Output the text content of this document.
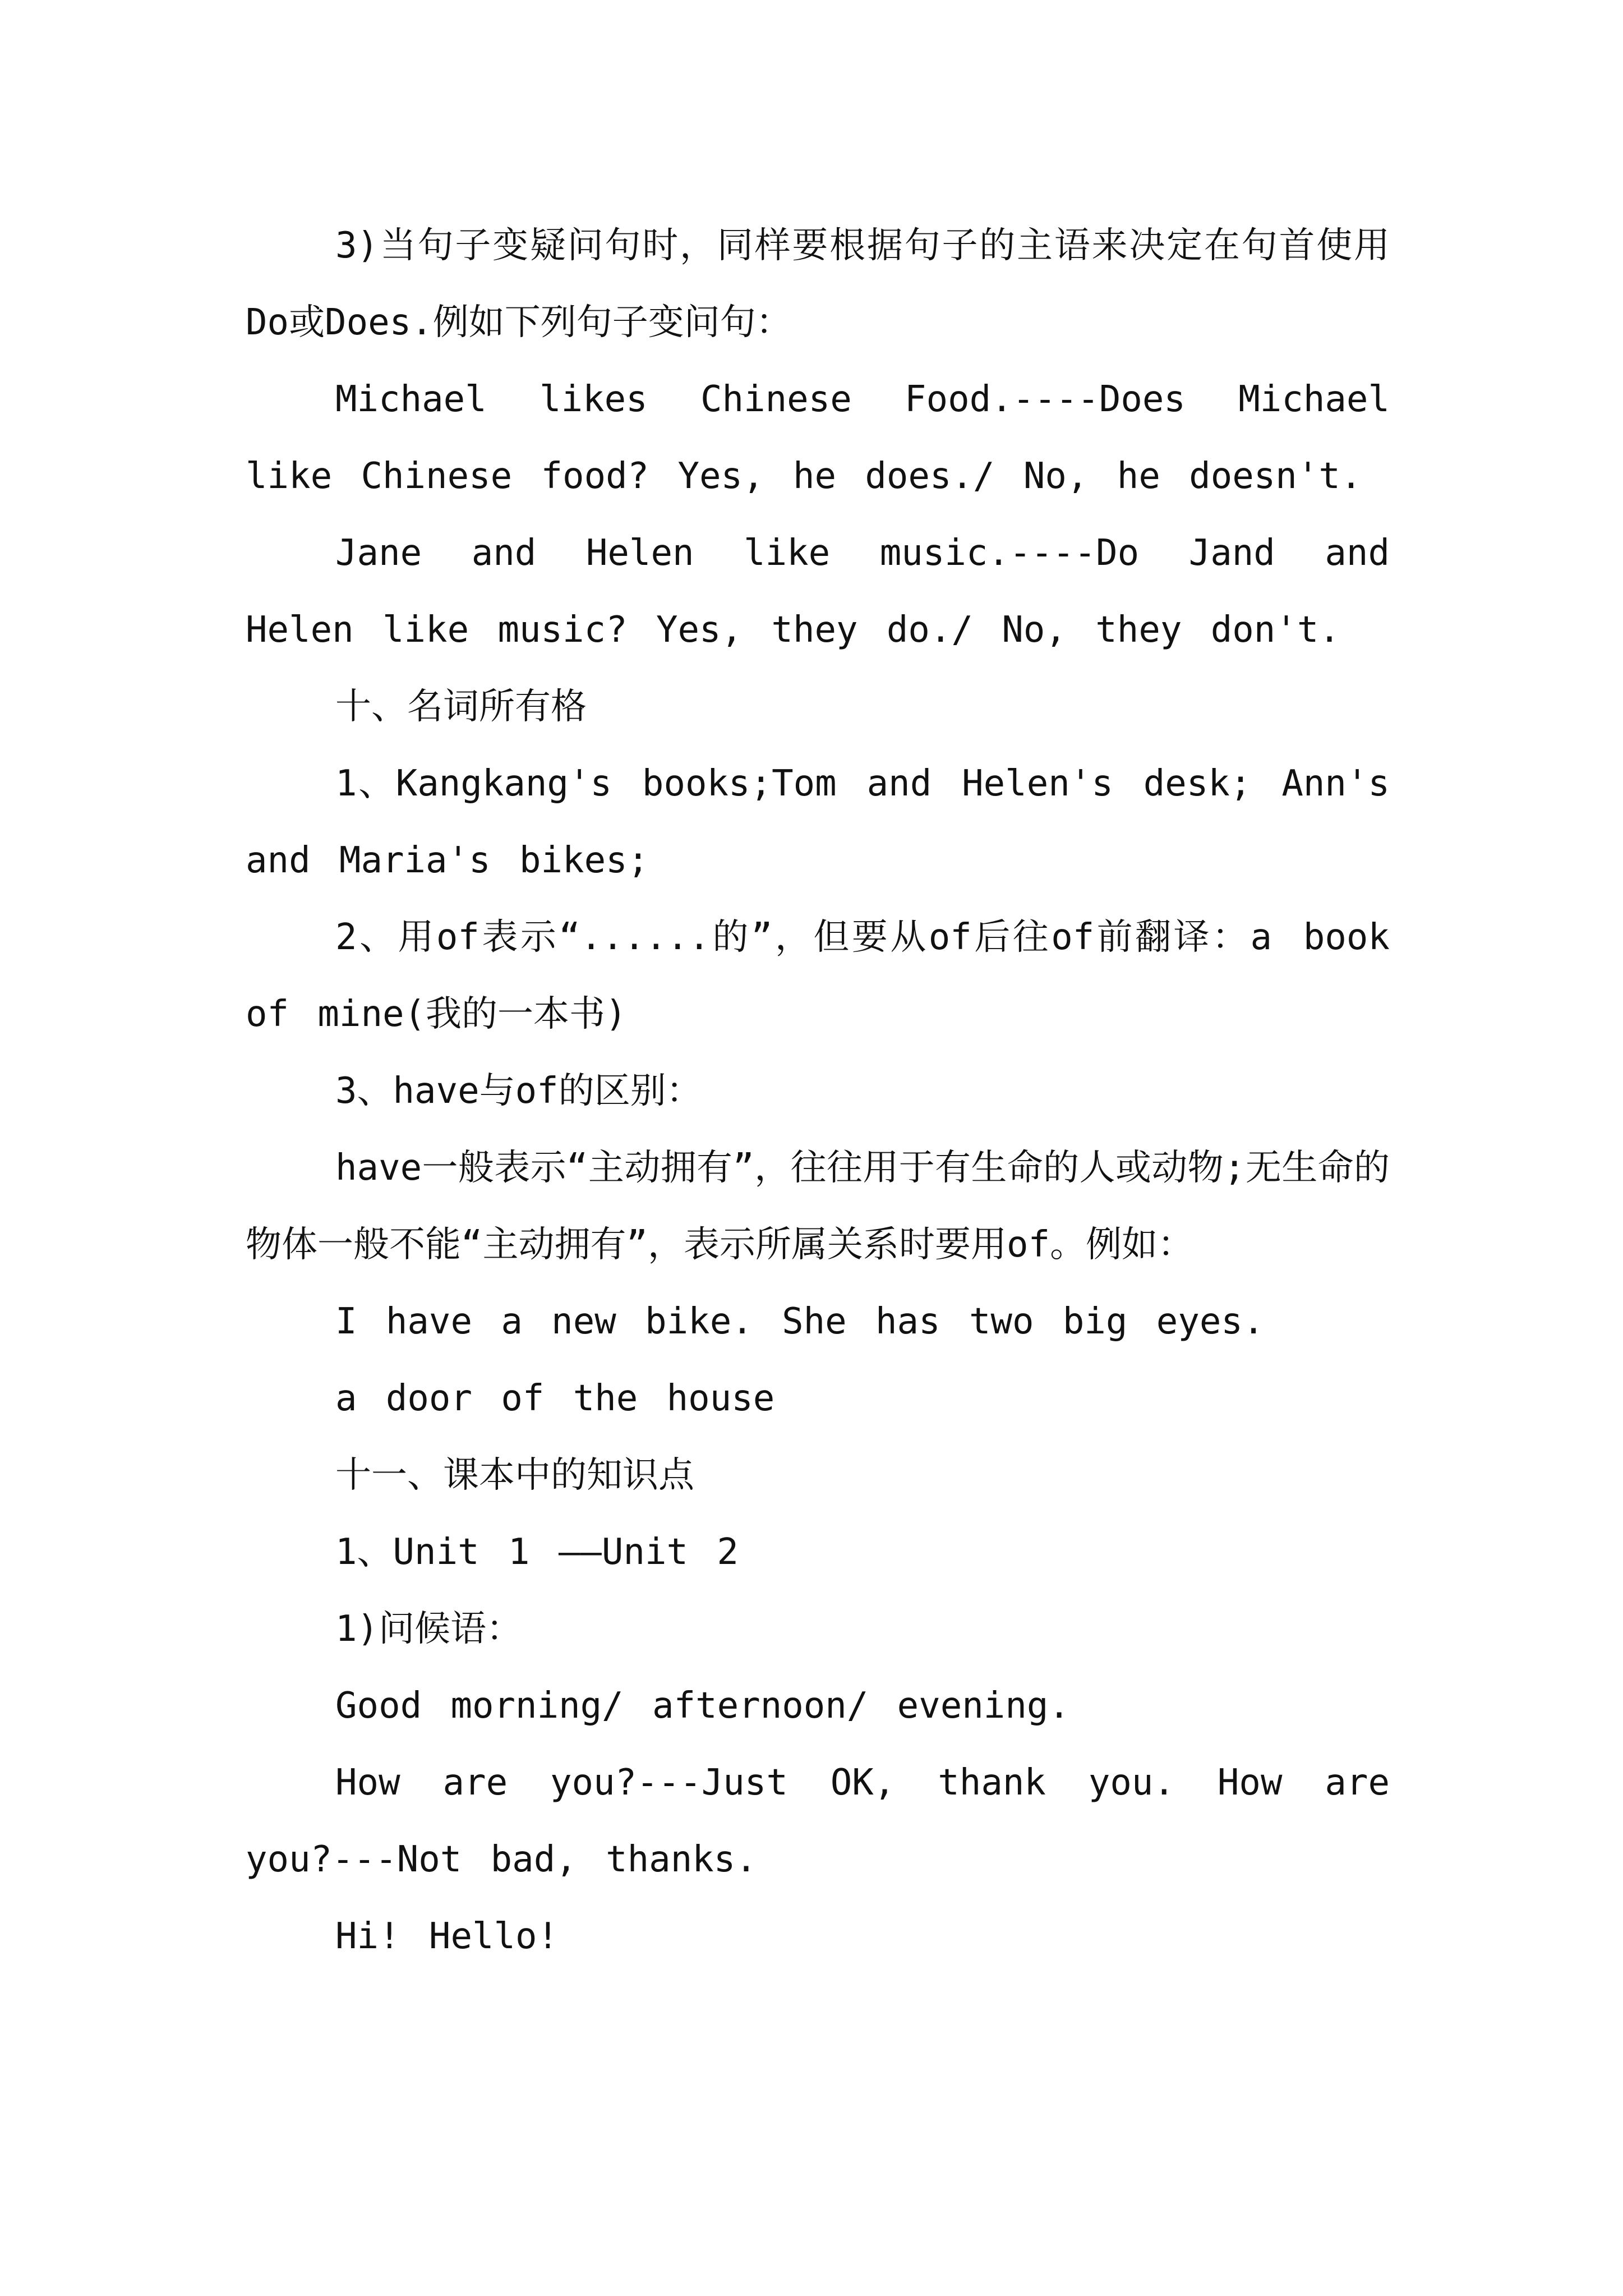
3)当句子变疑问句时，同样要根据句子的主语来决定在句首使用Do或Does.例如下列句子变问句：

Michael likes Chinese Food.----Does Michael like Chinese food? Yes, he does./ No, he doesn't.

Jane and Helen like music.----Do Jand and Helen like music? Yes, they do./ No, they don't.

十、名词所有格

1、Kangkang's books;Tom and Helen's desk; Ann's and Maria's bikes;

2、用of表示“......的”，但要从of后往of前翻译：a book of mine(我的一本书)

3、have与of的区别：

have一般表示“主动拥有”，往往用于有生命的人或动物;无生命的物体一般不能“主动拥有”，表示所属关系时要用of。例如：

I have a new bike. She has two big eyes.

a door of the house

十一、课本中的知识点

1、Unit 1 ——Unit 2

1)问候语：

Good morning/ afternoon/ evening.

How are you?---Just OK, thank you. How are you?---Not bad, thanks.

Hi! Hello!
